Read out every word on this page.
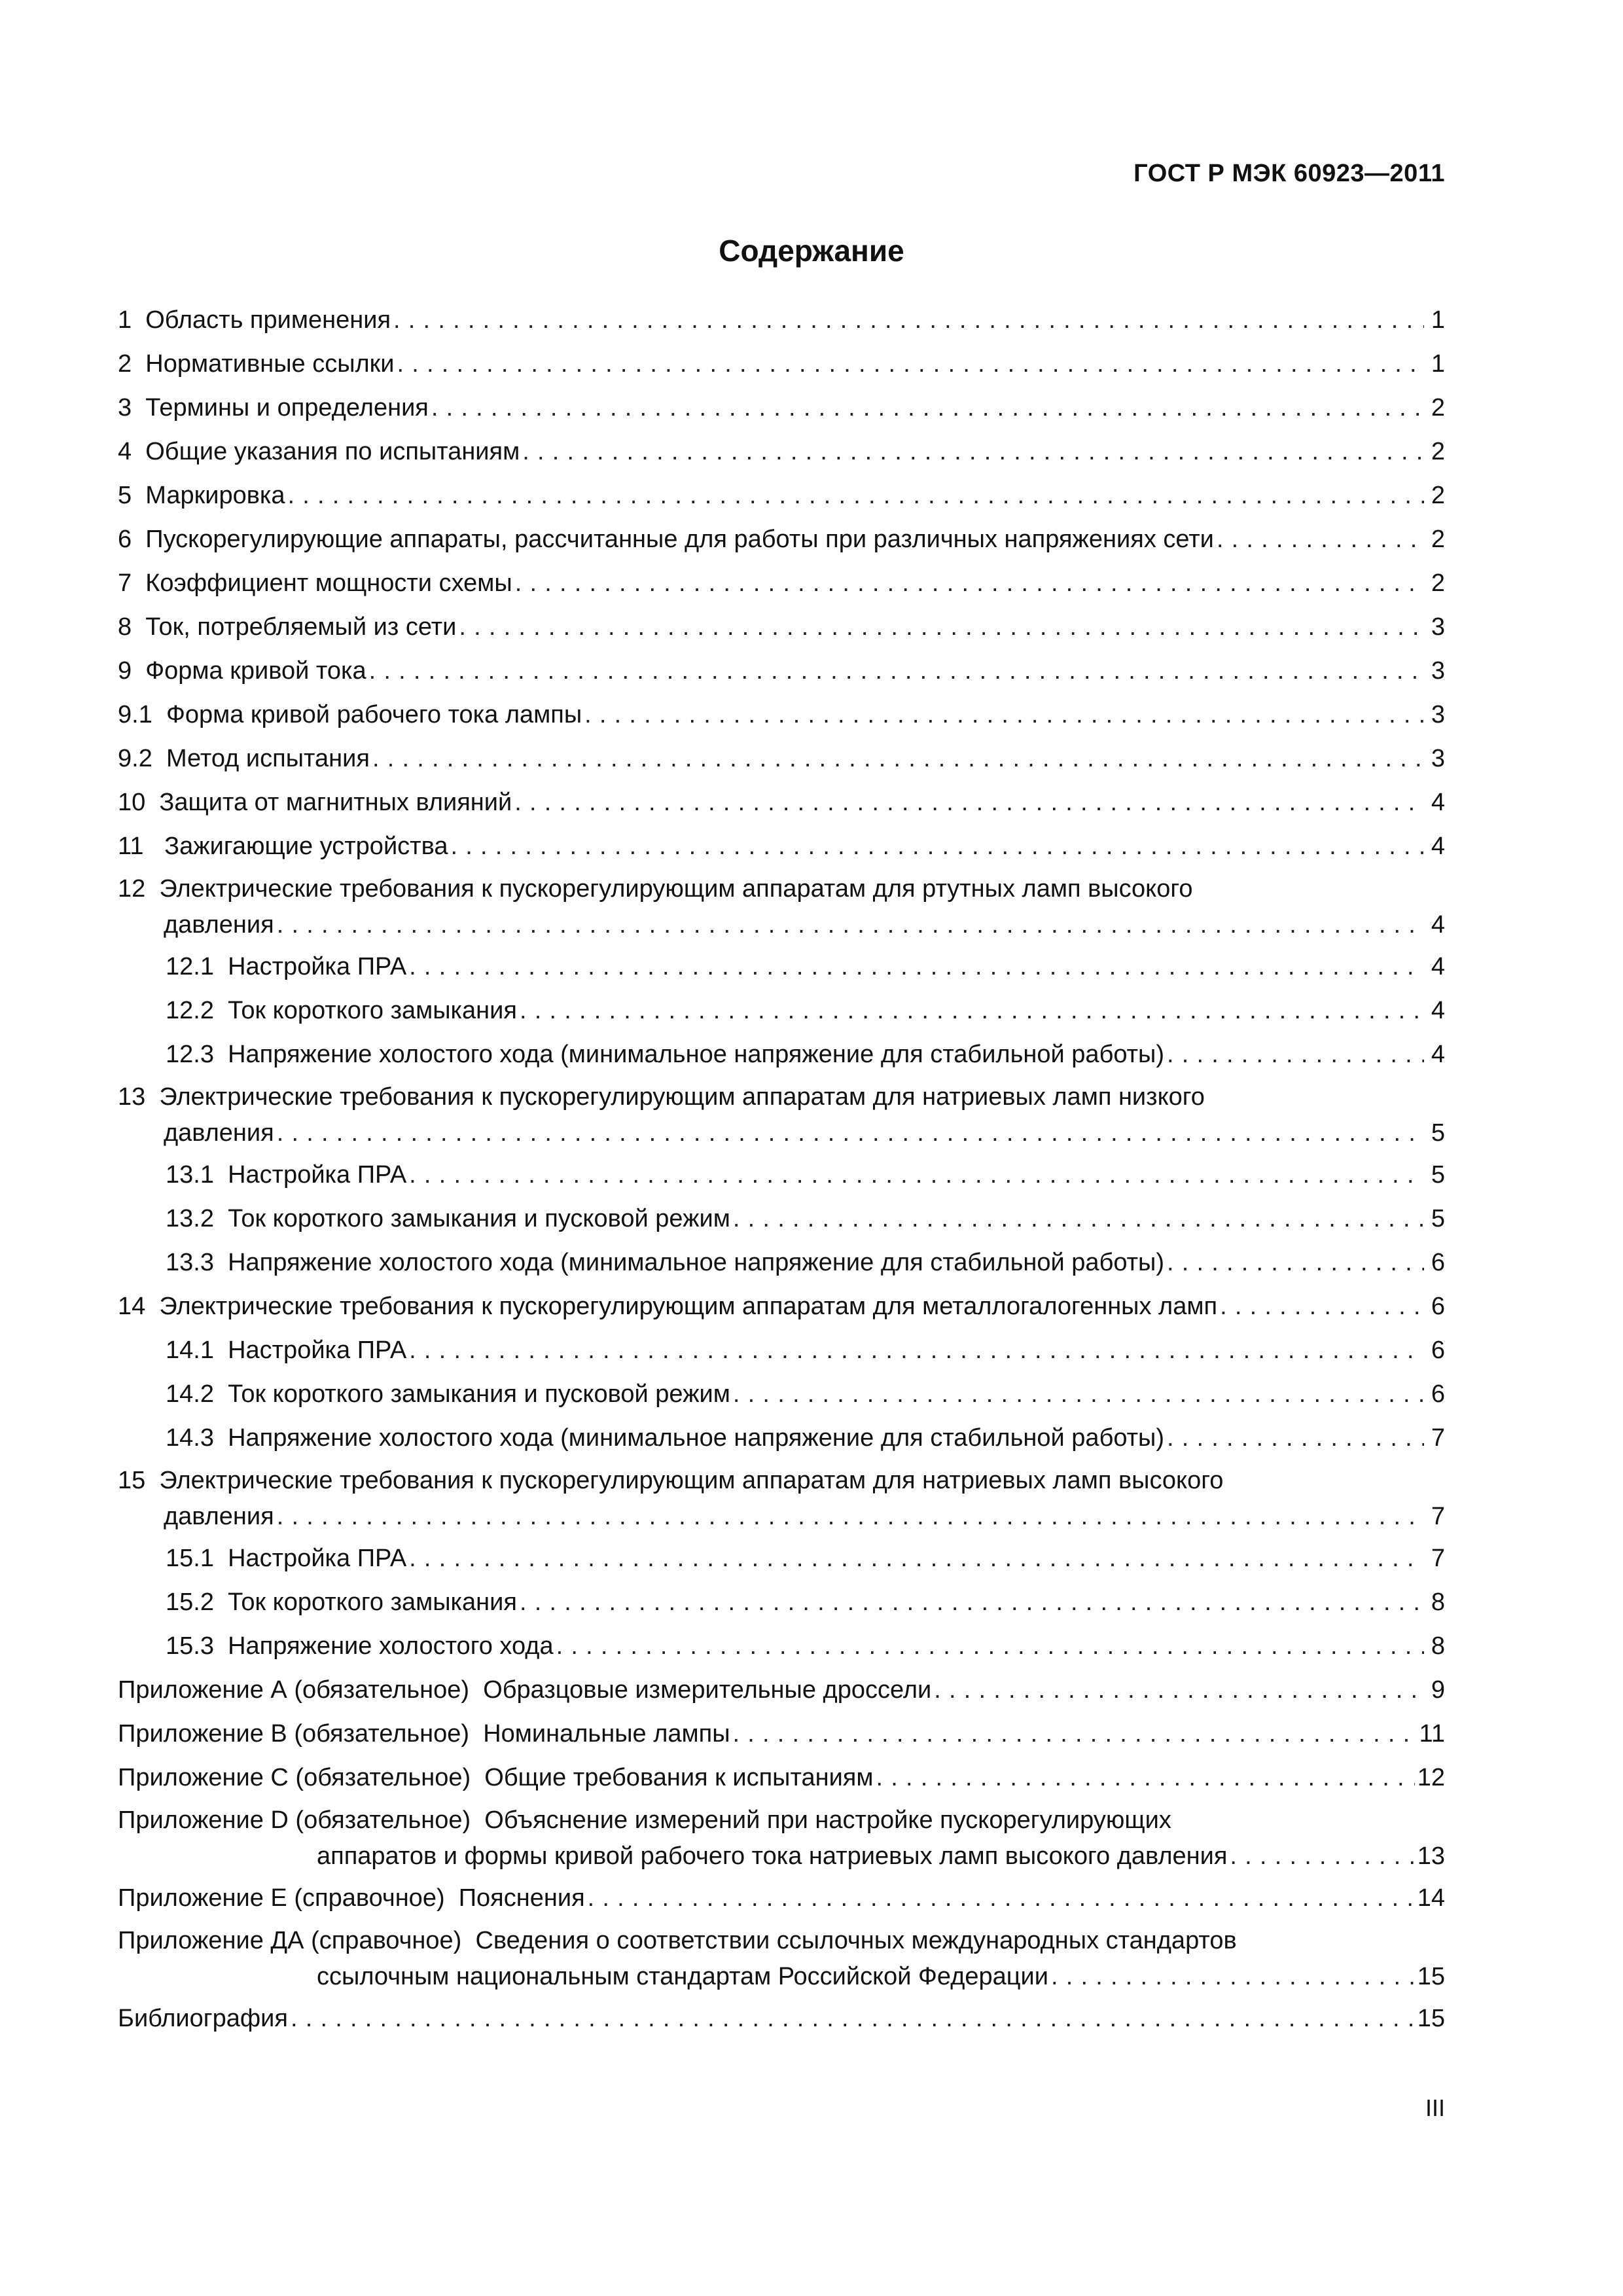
ГОСТ Р МЭК 60923—2011
Содержание
1 Область применения .....	1
2 Нормативные ссылки .....	1
3 Термины и определения .....	2
4 Общие указания по испытаниям .....	2
5 Маркировка .....	2
6 Пускорегулирующие аппараты, рассчитанные для работы при различных напряжениях сети .....	2
7 Коэффициент мощности схемы .....	2
8 Ток, потребляемый из сети .....	3
9 Форма кривой тока .....	3
9.1 Форма кривой рабочего тока лампы .....	3
9.2 Метод испытания .....	3
10 Защита от магнитных влияний .....	4
11 Зажигающие устройства .....	4
12  Электрические требования к пускорегулирующим аппаратам для ртутных ламп высокого
давления .....	4
12.1 Настройка ПРА .....	4
12.2 Ток короткого замыкания .....	4
12.3 Напряжение холостого хода (минимальное напряжение для стабильной работы) .....	4
13  Электрические требования к пускорегулирующим аппаратам для натриевых ламп низкого
давления .....	5
13.1 Настройка ПРА .....	5
13.2 Ток короткого замыкания и пусковой режим .....	5
13.3 Напряжение холостого хода (минимальное напряжение для стабильной работы) .....	6
14 Электрические требования к пускорегулирующим аппаратам для металлогалогенных ламп .....	6
14.1 Настройка ПРА .....	6
14.2 Ток короткого замыкания и пусковой режим .....	6
14.3 Напряжение холостого хода (минимальное напряжение для стабильной работы) .....	7
15  Электрические требования к пускорегулирующим аппаратам для натриевых ламп высокого
давления .....	7
15.1 Настройка ПРА .....	7
15.2 Ток короткого замыкания .....	8
15.3 Напряжение холостого хода .....	8
Приложение А (обязательное) Образцовые измерительные дроссели .....	9
Приложение В (обязательное) Номинальные лампы .....	11
Приложение С (обязательное) Общие требования к испытаниям .....	12
Приложение D (обязательное)  Объяснение измерений при настройке пускорегулирующих
аппаратов и формы кривой рабочего тока натриевых ламп высокого давления .....	13
Приложение Е (справочное) Пояснения .....	14
Приложение ДА (справочное)  Сведения о соответствии ссылочных международных стандартов
ссылочным национальным стандартам Российской Федерации .....	15
Библиография .....	15
III
